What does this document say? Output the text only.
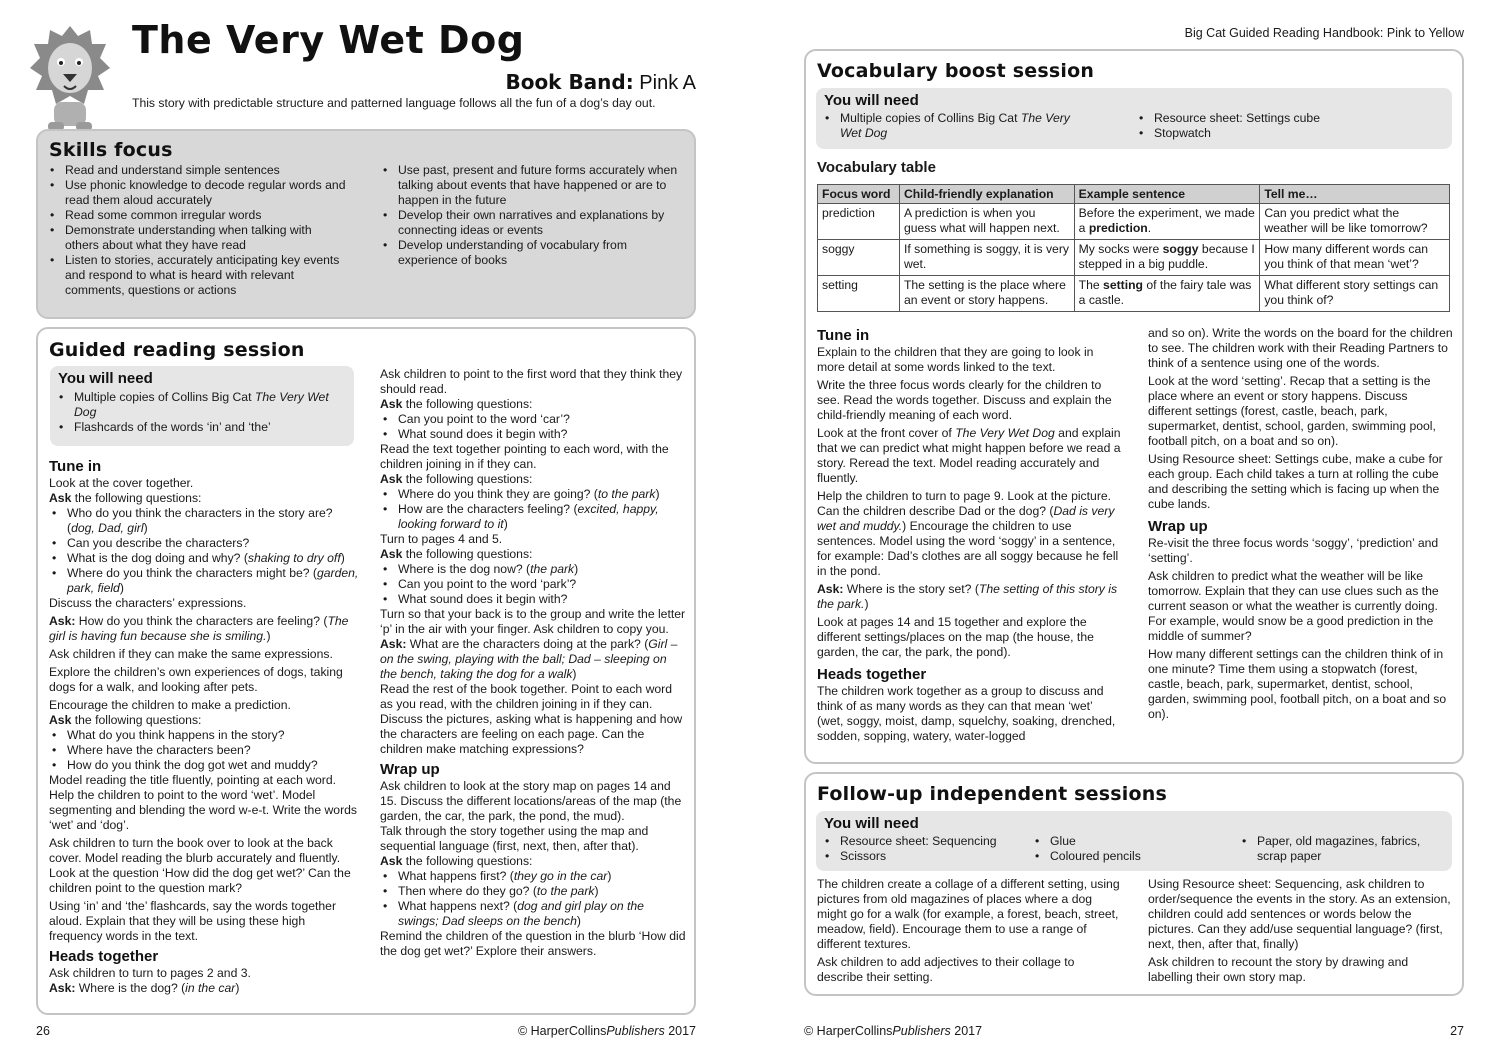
The Very Wet Dog
Book Band: Pink A

This story with predictable structure and patterned language follows all the fun of a dog’s day out.

Skills focus
• Read and understand simple sentences
• Use phonic knowledge to decode regular words and read them aloud accurately
• Read some common irregular words
• Demonstrate understanding when talking with others about what they have read
• Listen to stories, accurately anticipating key events and respond to what is heard with relevant comments, questions or actions
• Use past, present and future forms accurately when talking about events that have happened or are to happen in the future
• Develop their own narratives and explanations by connecting ideas or events
• Develop understanding of vocabulary from experience of books
Guided reading session
You will need
• Multiple copies of Collins Big Cat The Very Wet Dog
• Flashcards of the words ‘in’ and ‘the’
Tune in

Look at the cover together.

Ask the following questions:

• Who do you think the characters in the story are? (dog, Dad, girl)
• Can you describe the characters?
• What is the dog doing and why? (shaking to dry off)
• Where do you think the characters might be? (garden, park, field)

Discuss the characters’ expressions.

Ask: How do you think the characters are feeling? (The girl is having fun because she is smiling.)

Ask children if they can make the same expressions.

Explore the children’s own experiences of dogs, taking dogs for a walk, and looking after pets.

Encourage the children to make a prediction.

Ask the following questions:

• What do you think happens in the story?
• Where have the characters been?
• How do you think the dog got wet and muddy?

Model reading the title fluently, pointing at each word. Help the children to point to the word ‘wet’. Model segmenting and blending the word w-e-t. Write the words ‘wet’ and ‘dog’.

Ask children to turn the book over to look at the back cover. Model reading the blurb accurately and fluently. Look at the question ‘How did the dog get wet?’ Can the children point to the question mark?

Using ‘in’ and ‘the’ flashcards, say the words together aloud. Explain that they will be using these high frequency words in the text.

Heads together

Ask children to turn to pages 2 and 3.

Ask: Where is the dog? (in the car)

Ask children to point to the first word that they think they should read.

Ask the following questions:

• Can you point to the word ‘car’?
• What sound does it begin with?

Read the text together pointing to each word, with the children joining in if they can.

Ask the following questions:

• Where do you think they are going? (to the park)
• How are the characters feeling? (excited, happy, looking forward to it)

Turn to pages 4 and 5.

Ask the following questions:

• Where is the dog now? (the park)
• Can you point to the word ‘park’?
• What sound does it begin with?

Turn so that your back is to the group and write the letter ‘p’ in the air with your finger. Ask children to copy you.

Ask: What are the characters doing at the park? (Girl – on the swing, playing with the ball; Dad – sleeping on the bench, taking the dog for a walk)

Read the rest of the book together. Point to each word as you read, with the children joining in if they can. Discuss the pictures, asking what is happening and how the characters are feeling on each page. Can the children make matching expressions?

Wrap up

Ask children to look at the story map on pages 14 and 15. Discuss the different locations/areas of the map (the garden, the car, the park, the pond, the mud).

Talk through the story together using the map and sequential language (first, next, then, after that).

Ask the following questions:

• What happens first? (they go in the car)
• Then where do they go? (to the park)
• What happens next? (dog and girl play on the swings; Dad sleeps on the bench)

Remind the children of the question in the blurb ‘How did the dog get wet?’ Explore their answers.

26	© HarperCollinsPublishers 2017
Big Cat Guided Reading Handbook: Pink to Yellow
Vocabulary boost session
You will need
• Multiple copies of Collins Big Cat The Very Wet Dog
• Resource sheet: Settings cube
• Stopwatch
Vocabulary table
Focus word	Child-friendly explanation	Example sentence	Tell me…
prediction	A prediction is when you guess what will happen next.	Before the experiment, we made a prediction.	Can you predict what the weather will be like tomorrow?
soggy	If something is soggy, it is very wet.	My socks were soggy because I stepped in a big puddle.	How many different words can you think of that mean ‘wet’?
setting	The setting is the place where an event or story happens.	The setting of the fairy tale was a castle.	What different story settings can you think of?
Tune in

Explain to the children that they are going to look in more detail at some words linked to the text.

Write the three focus words clearly for the children to see. Read the words together. Discuss and explain the child-friendly meaning of each word.

Look at the front cover of The Very Wet Dog and explain that we can predict what might happen before we read a story. Reread the text. Model reading accurately and fluently.

Help the children to turn to page 9. Look at the picture. Can the children describe Dad or the dog? (Dad is very wet and muddy.) Encourage the children to use sentences. Model using the word ‘soggy’ in a sentence, for example: Dad’s clothes are all soggy because he fell in the pond.

Ask: Where is the story set? (The setting of this story is the park.)

Look at pages 14 and 15 together and explore the different settings/places on the map (the house, the garden, the car, the park, the pond).

Heads together

The children work together as a group to discuss and think of as many words as they can that mean ‘wet’ (wet, soggy, moist, damp, squelchy, soaking, drenched, sodden, sopping, watery, water-logged

and so on). Write the words on the board for the children to see. The children work with their Reading Partners to think of a sentence using one of the words.

Look at the word ‘setting’. Recap that a setting is the place where an event or story happens. Discuss different settings (forest, castle, beach, park, supermarket, dentist, school, garden, swimming pool, football pitch, on a boat and so on).

Using Resource sheet: Settings cube, make a cube for each group. Each child takes a turn at rolling the cube and describing the setting which is facing up when the cube lands.

Wrap up

Re-visit the three focus words ‘soggy’, ‘prediction’ and ‘setting’.

Ask children to predict what the weather will be like tomorrow. Explain that they can use clues such as the current season or what the weather is currently doing. For example, would snow be a good prediction in the middle of summer?

How many different settings can the children think of in one minute? Time them using a stopwatch (forest, castle, beach, park, supermarket, dentist, school, garden, swimming pool, football pitch, on a boat and so on).

Follow-up independent sessions
You will need
• Resource sheet: Sequencing
• Scissors
• Glue
• Coloured pencils
• Paper, old magazines, fabrics, scrap paper

The children create a collage of a different setting, using pictures from old magazines of places where a dog might go for a walk (for example, a forest, beach, street, meadow, field). Encourage them to use a range of different textures.

Ask children to add adjectives to their collage to describe their setting.

Using Resource sheet: Sequencing, ask children to order/sequence the events in the story. As an extension, children could add sentences or words below the pictures. Can they add/use sequential language? (first, next, then, after that, finally)

Ask children to recount the story by drawing and labelling their own story map.

© HarperCollinsPublishers 2017	27
